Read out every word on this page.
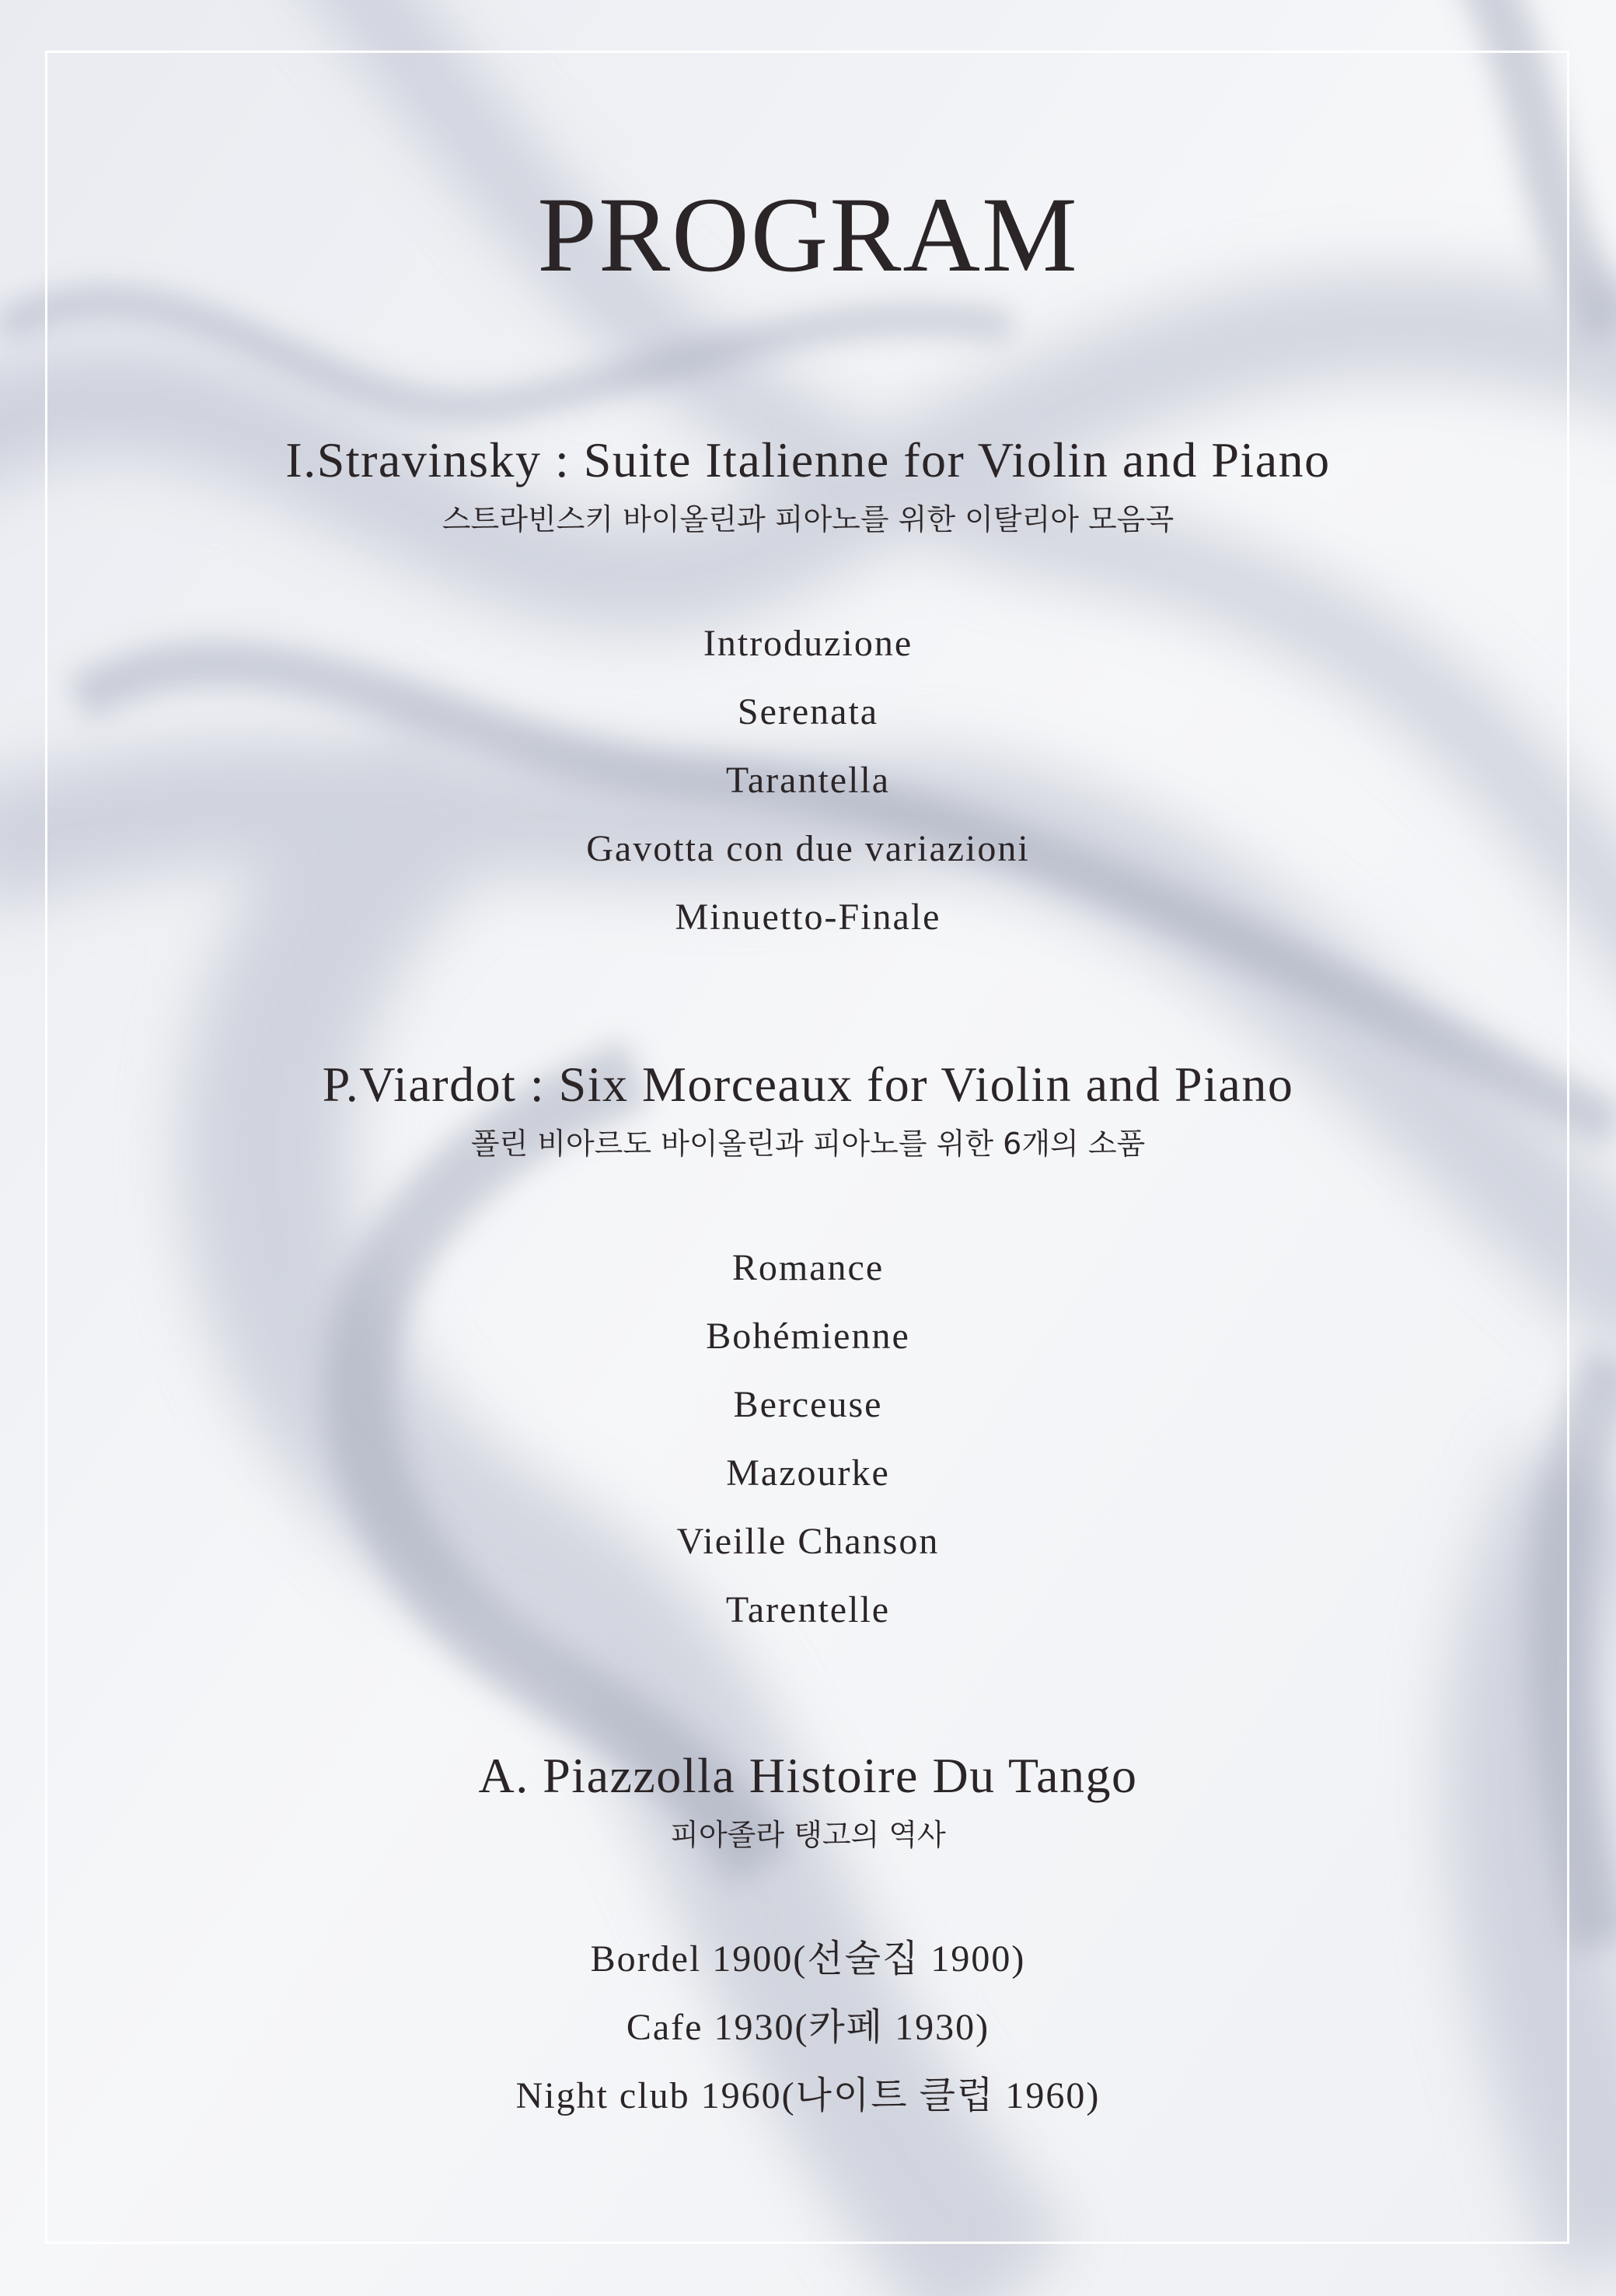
PROGRAM
I.Stravinsky : Suite Italienne for Violin and Piano
스트라빈스키 바이올린과 피아노를 위한 이탈리아 모음곡
Introduzione
Serenata
Tarantella
Gavotta con due variazioni
Minuetto-Finale
P.Viardot : Six Morceaux for Violin and Piano
폴린 비아르도 바이올린과 피아노를 위한 6개의 소품
Romance
Bohémienne
Berceuse
Mazourke
Vieille Chanson
Tarentelle
A. Piazzolla Histoire Du Tango
피아졸라 탱고의 역사
Bordel 1900(선술집 1900)
Cafe 1930(카페 1930)
Night club 1960(나이트 클럽 1960)
